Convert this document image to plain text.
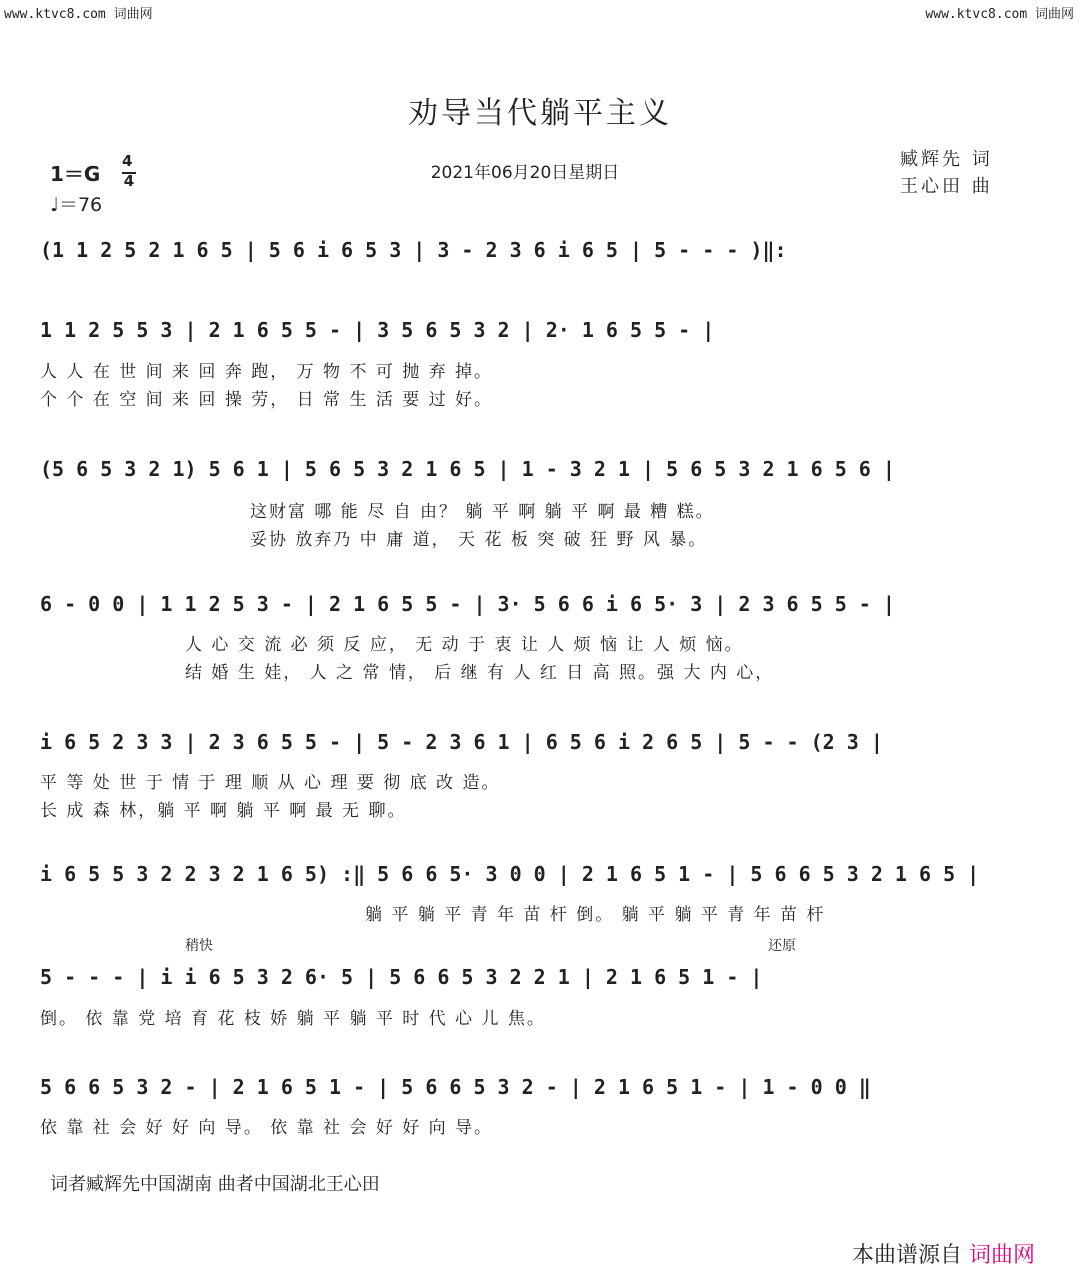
www.ktvc8.com 词曲网	www.ktvc8.com 词曲网
劝导当代躺平主义
2021年06月20日星期日
臧辉先 词
王心田 曲
1＝G
4
4
♩＝76
(1 1 2 5 2 1 6 5 | 5 6 i 6 5 3 | 3 - 2 3 6 i 6 5 | 5 - - - )‖:
1 1 2 5 5 3 | 2 1 6 5 5 - | 3 5 6 5 3 2 | 2· 1 6 5 5 - |
人 人 在 世 间 来 回 奔 跑， 万 物 不 可 抛 弃 掉。
个 个 在 空 间 来 回 操 劳， 日 常 生 活 要 过 好。
(5 6 5 3 2 1) 5 6 1 | 5 6 5 3 2 1 6 5 | 1 - 3 2 1 | 5 6 5 3 2 1 6 5 6 |
这财富 哪 能 尽 自 由？ 躺 平 啊 躺 平 啊 最 糟 糕。
妥协 放弃乃 中 庸 道， 天 花 板 突 破 狂 野 风 暴。
6 - 0 0 | 1 1 2 5 3 - | 2 1 6 5 5 - | 3· 5 6 6 i 6 5· 3 | 2 3 6 5 5 - |
人 心 交 流 必 须 反 应， 无 动 于 衷 让 人 烦 恼 让 人 烦 恼。
结 婚 生 娃， 人 之 常 情， 后 继 有 人 红 日 高 照。强 大 内 心，
i 6 5 2 3 3 | 2 3 6 5 5 - | 5 - 2 3 6 1 | 6 5 6 i 2 6 5 | 5 - - (2 3 |
平 等 处 世 于 情 于 理 顺 从 心 理 要 彻 底 改 造。
长 成 森 林，躺 平 啊 躺 平 啊 最 无 聊。
i 6 5 5 3 2 2 3 2 1 6 5) :‖ 5 6 6 5· 3 0 0 | 2 1 6 5 1 - | 5 6 6 5 3 2 1 6 5 |
躺 平 躺 平 青 年 苗 杆 倒。 躺 平 躺 平 青 年 苗 杆
稍快	还原
5 - - - | i i 6 5 3 2 6· 5 | 5 6 6 5 3 2 2 1 | 2 1 6 5 1 - |
倒。 依 靠 党 培 育 花 枝 娇 躺 平 躺 平 时 代 心 儿 焦。
5 6 6 5 3 2 - | 2 1 6 5 1 - | 5 6 6 5 3 2 - | 2 1 6 5 1 - | 1 - 0 0 ‖
依 靠 社 会 好 好 向 导。 依 靠 社 会 好 好 向 导。
词者臧辉先中国湖南 曲者中国湖北王心田
本曲谱源自 词曲网
